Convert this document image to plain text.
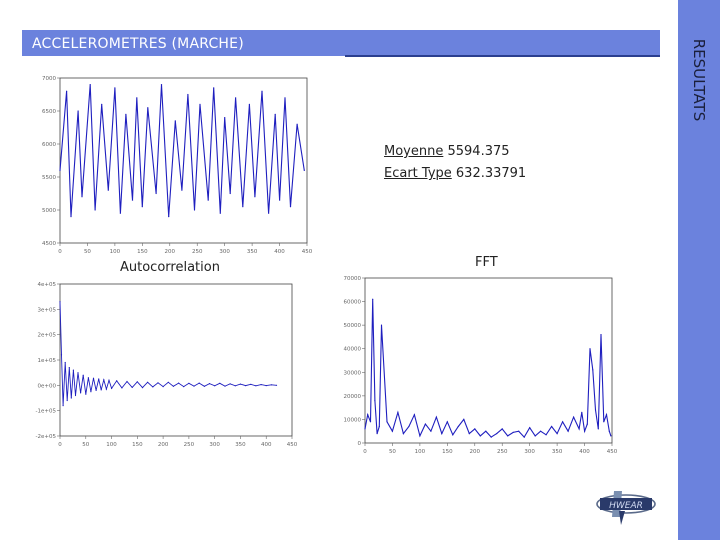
ACCELEROMETRES (MARCHE)	RESULTATS
Moyenne 5594.375
Ecart Type 632.33791
Autocorrelation	FFT
7000
6500
6000
5500
5000
4500
0	50	100	150	200	250	300	350	400	450
4e+05
3e+05
2e+05
1e+05
0e+00
-1e+05
-2e+05
0	50	100	150	200	250	300	350	400	450
70000
60000
50000
40000
30000
20000
10000
0
0	50	100	150	200	250	300	350	400	450
HWEAR
